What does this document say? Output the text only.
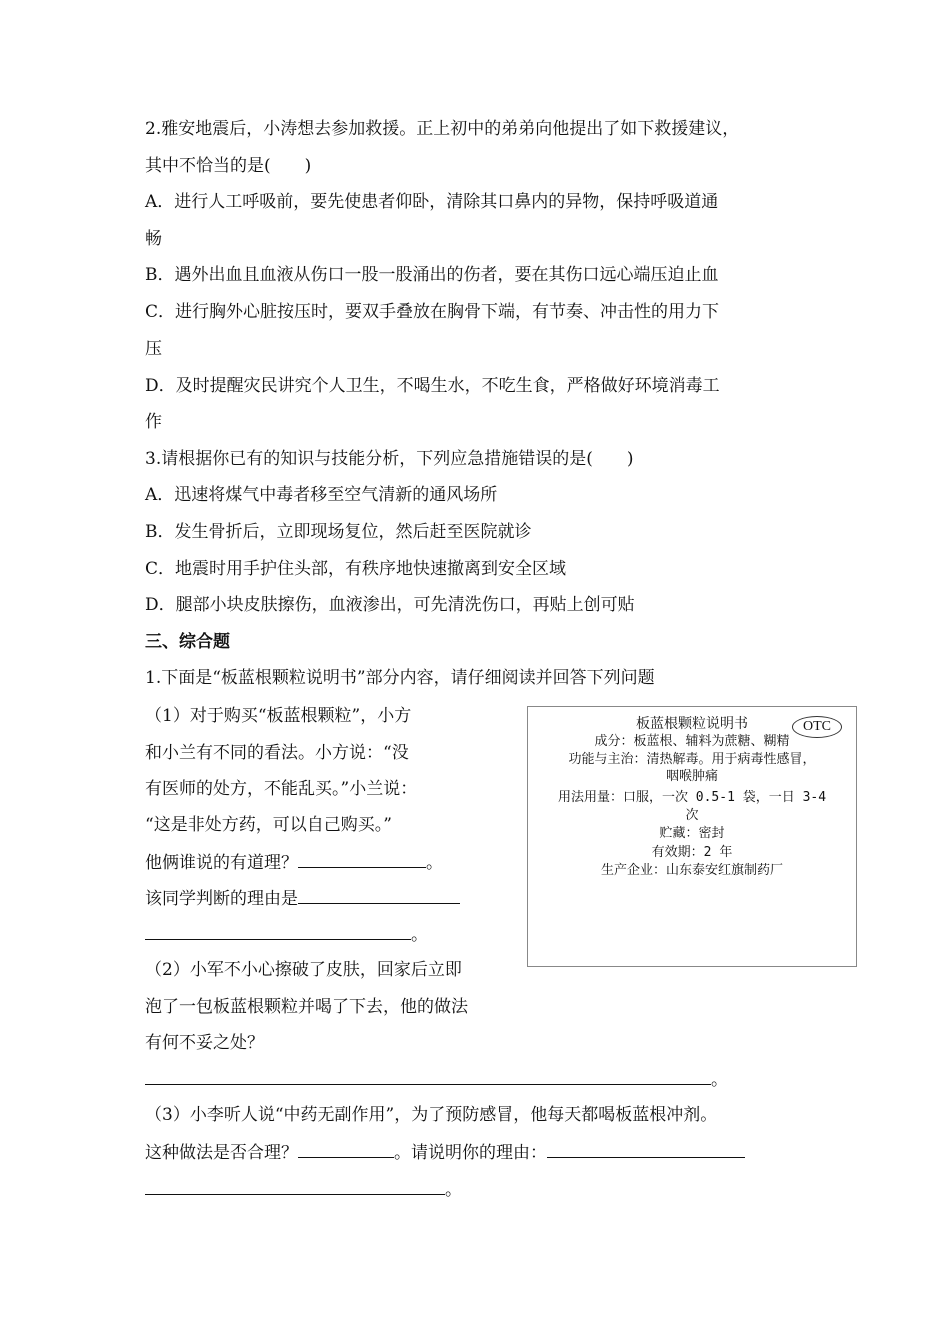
2.雅安地震后，小涛想去参加救援。正上初中的弟弟向他提出了如下救援建议，
其中不恰当的是(　　)
A．进行人工呼吸前，要先使患者仰卧，清除其口鼻内的异物，保持呼吸道通
畅
B．遇外出血且血液从伤口一股一股涌出的伤者，要在其伤口远心端压迫止血
C．进行胸外心脏按压时，要双手叠放在胸骨下端，有节奏、冲击性的用力下
压
D．及时提醒灾民讲究个人卫生，不喝生水，不吃生食，严格做好环境消毒工
作
3.请根据你已有的知识与技能分析，下列应急措施错误的是(　　)
A．迅速将煤气中毒者移至空气清新的通风场所
B．发生骨折后，立即现场复位，然后赶至医院就诊
C．地震时用手护住头部，有秩序地快速撤离到安全区域
D．腿部小块皮肤擦伤，血液渗出，可先清洗伤口，再贴上创可贴
三、综合题
1.下面是“板蓝根颗粒说明书”部分内容，请仔细阅读并回答下列问题
（1）对于购买“板蓝根颗粒”，小方
和小兰有不同的看法。小方说：“没
有医师的处方，不能乱买。”小兰说：
“这是非处方药，可以自己购买。”
他俩谁说的有道理？	。
该同学判断的理由是
。
（2）小军不小心擦破了皮肤，回家后立即
泡了一包板蓝根颗粒并喝了下去，他的做法
有何不妥之处？
。
（3）小李听人说“中药无副作用”，为了预防感冒，他每天都喝板蓝根冲剂。
这种做法是否合理？	。请说明你的理由：
。
板蓝根颗粒说明书	OTC
成分：板蓝根、辅料为蔗糖、糊精
功能与主治：清热解毒。用于病毒性感冒，
咽喉肿痛
用法用量：口服，一次 0.5-1 袋，一日 3-4
次
贮藏：密封
有效期：2 年
生产企业：山东泰安红旗制药厂
